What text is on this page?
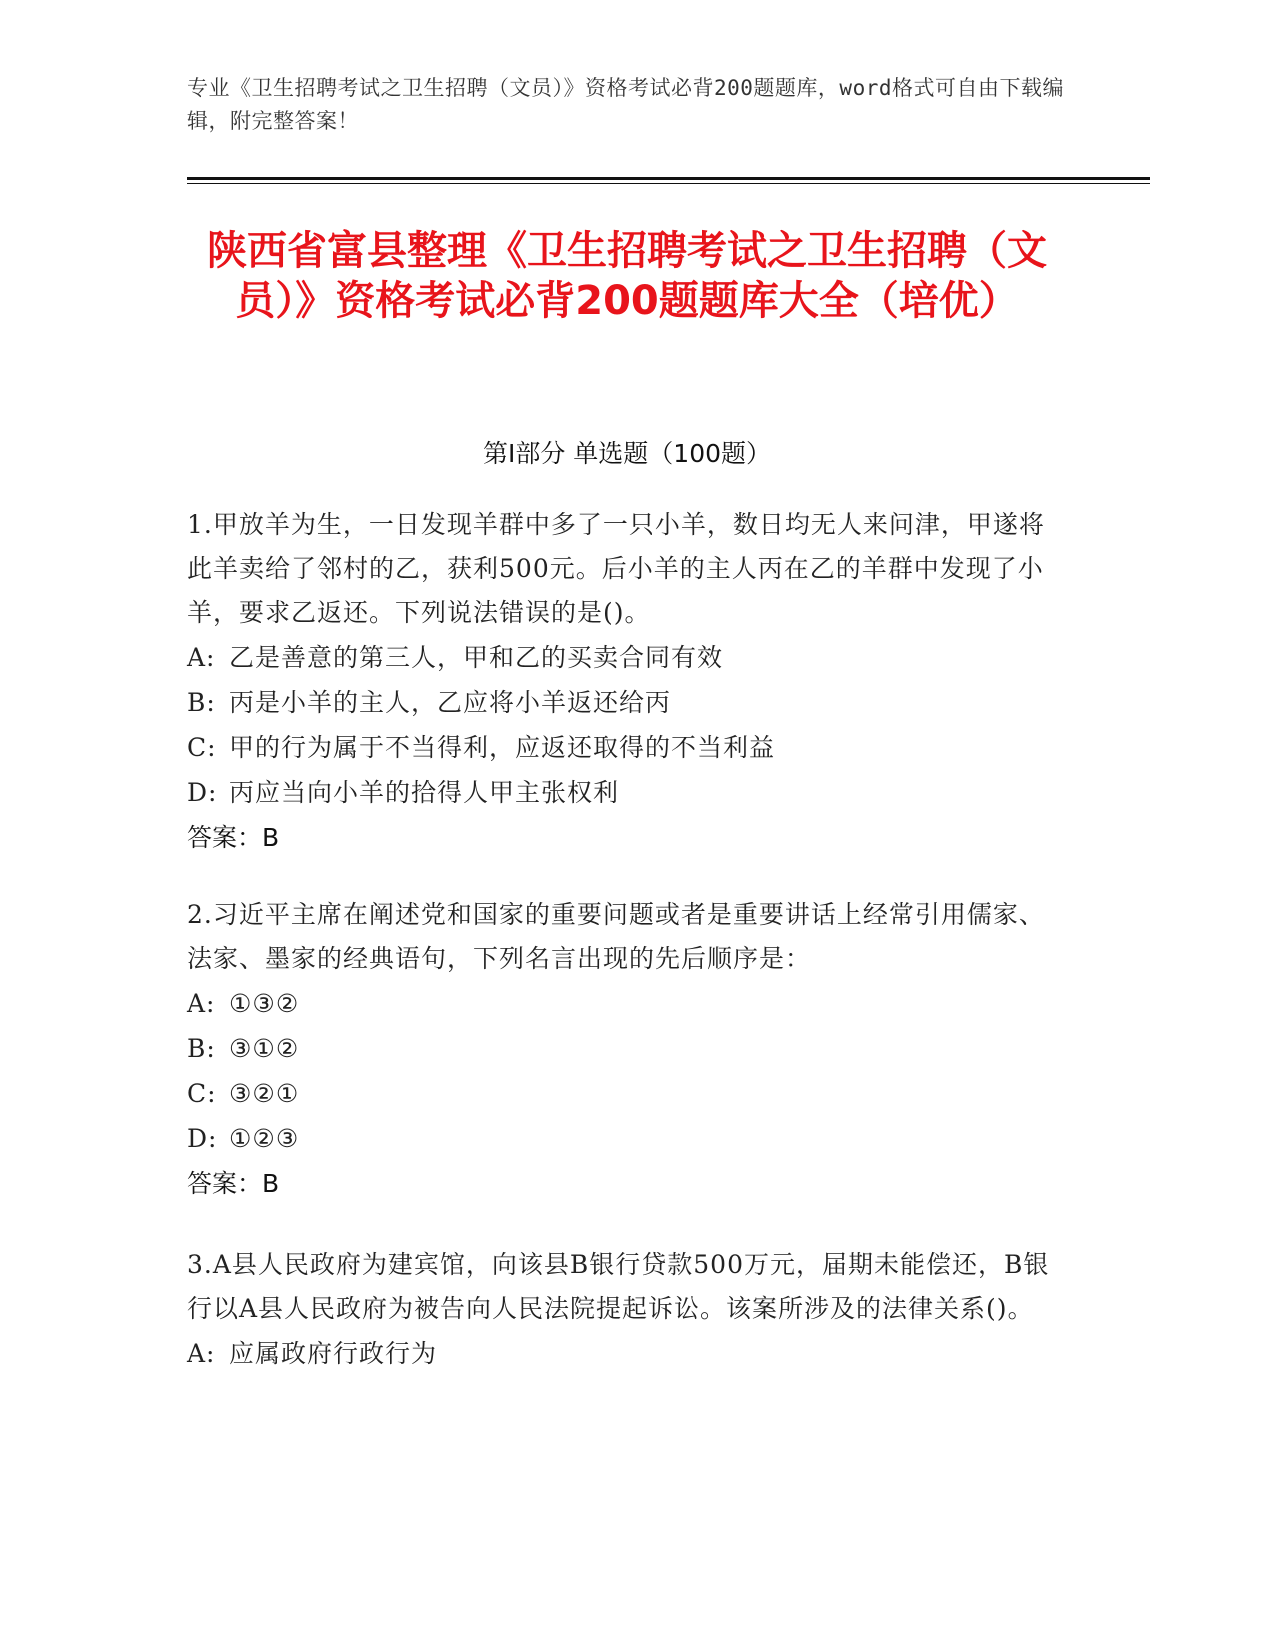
专业《卫生招聘考试之卫生招聘（文员）》资格考试必背200题题库，word格式可自由下载编辑，附完整答案！
陕西省富县整理《卫生招聘考试之卫生招聘（文员）》资格考试必背200题题库大全（培优）
第Ⅰ部分 单选题（100题）
1.甲放羊为生，一日发现羊群中多了一只小羊，数日均无人来问津，甲遂将此羊卖给了邻村的乙，获利500元。后小羊的主人丙在乙的羊群中发现了小羊，要求乙返还。下列说法错误的是()。
A: 乙是善意的第三人，甲和乙的买卖合同有效
B: 丙是小羊的主人，乙应将小羊返还给丙
C: 甲的行为属于不当得利，应返还取得的不当利益
D: 丙应当向小羊的拾得人甲主张权利
答案：B
2.习近平主席在阐述党和国家的重要问题或者是重要讲话上经常引用儒家、法家、墨家的经典语句，下列名言出现的先后顺序是：
A: ①③②
B: ③①②
C: ③②①
D: ①②③
答案：B
3.A县人民政府为建宾馆，向该县B银行贷款500万元，届期未能偿还，B银行以A县人民政府为被告向人民法院提起诉讼。该案所涉及的法律关系()。
A: 应属政府行政行为
